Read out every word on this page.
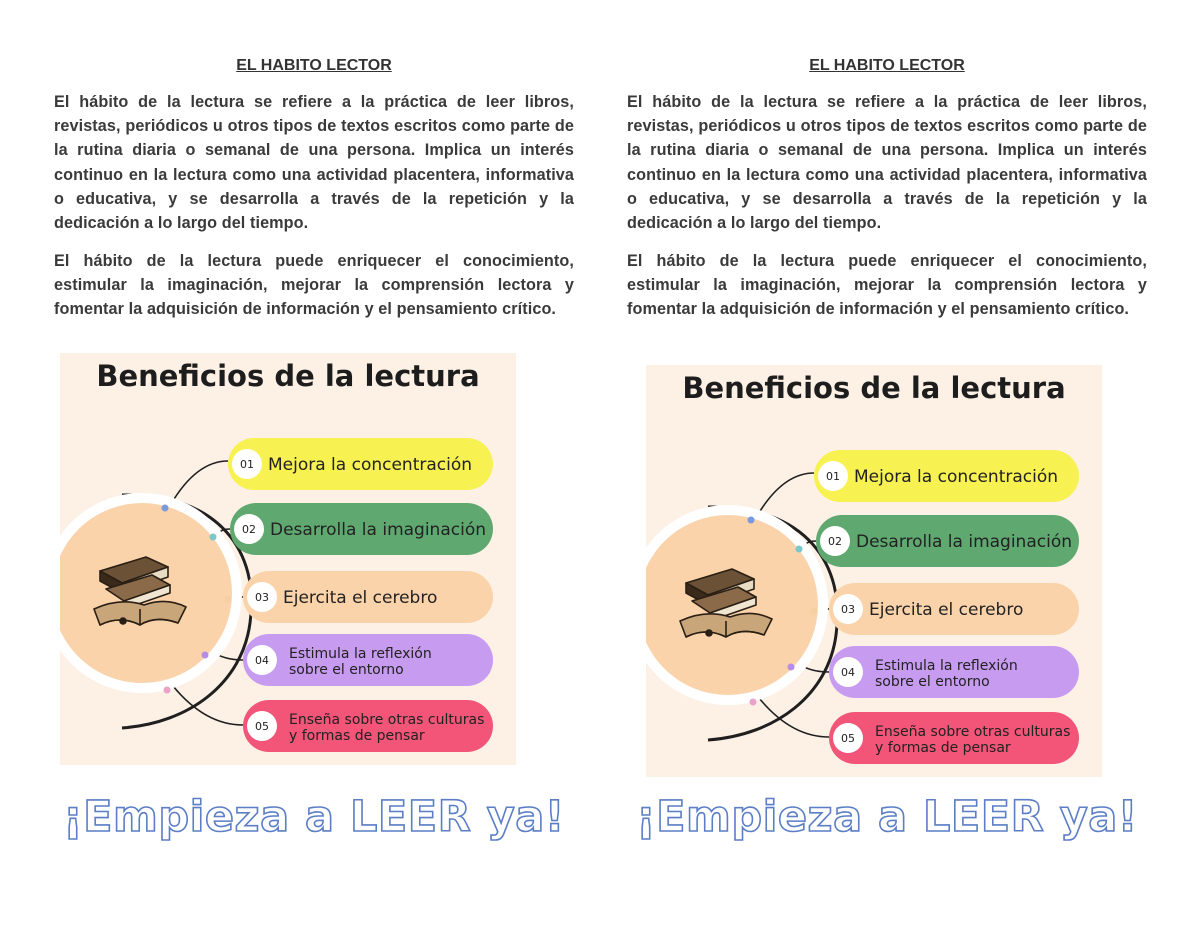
EL HABITO LECTOR

El hábito de la lectura se refiere a la práctica de leer libros, revistas, periódicos u otros tipos de textos escritos como parte de la rutina diaria o semanal de una persona. Implica un interés continuo en la lectura como una actividad placentera, informativa o educativa, y se desarrolla a través de la repetición y la dedicación a lo largo del tiempo.

El hábito de la lectura puede enriquecer el conocimiento, estimular la imaginación, mejorar la comprensión lectora y fomentar la adquisición de información y el pensamiento crítico.

Beneficios de la lectura
01 Mejora la concentración
02 Desarrolla la imaginación
03 Ejercita el cerebro
04 Estimula la reflexión
sobre el entorno
05 Enseña sobre otras culturas
y formas de pensar
¡Empieza a LEER ya!
EL HABITO LECTOR

El hábito de la lectura se refiere a la práctica de leer libros, revistas, periódicos u otros tipos de textos escritos como parte de la rutina diaria o semanal de una persona. Implica un interés continuo en la lectura como una actividad placentera, informativa o educativa, y se desarrolla a través de la repetición y la dedicación a lo largo del tiempo.

El hábito de la lectura puede enriquecer el conocimiento, estimular la imaginación, mejorar la comprensión lectora y fomentar la adquisición de información y el pensamiento crítico.

Beneficios de la lectura
01 Mejora la concentración
02 Desarrolla la imaginación
03 Ejercita el cerebro
04 Estimula la reflexión
sobre el entorno
05 Enseña sobre otras culturas
y formas de pensar
¡Empieza a LEER ya!
